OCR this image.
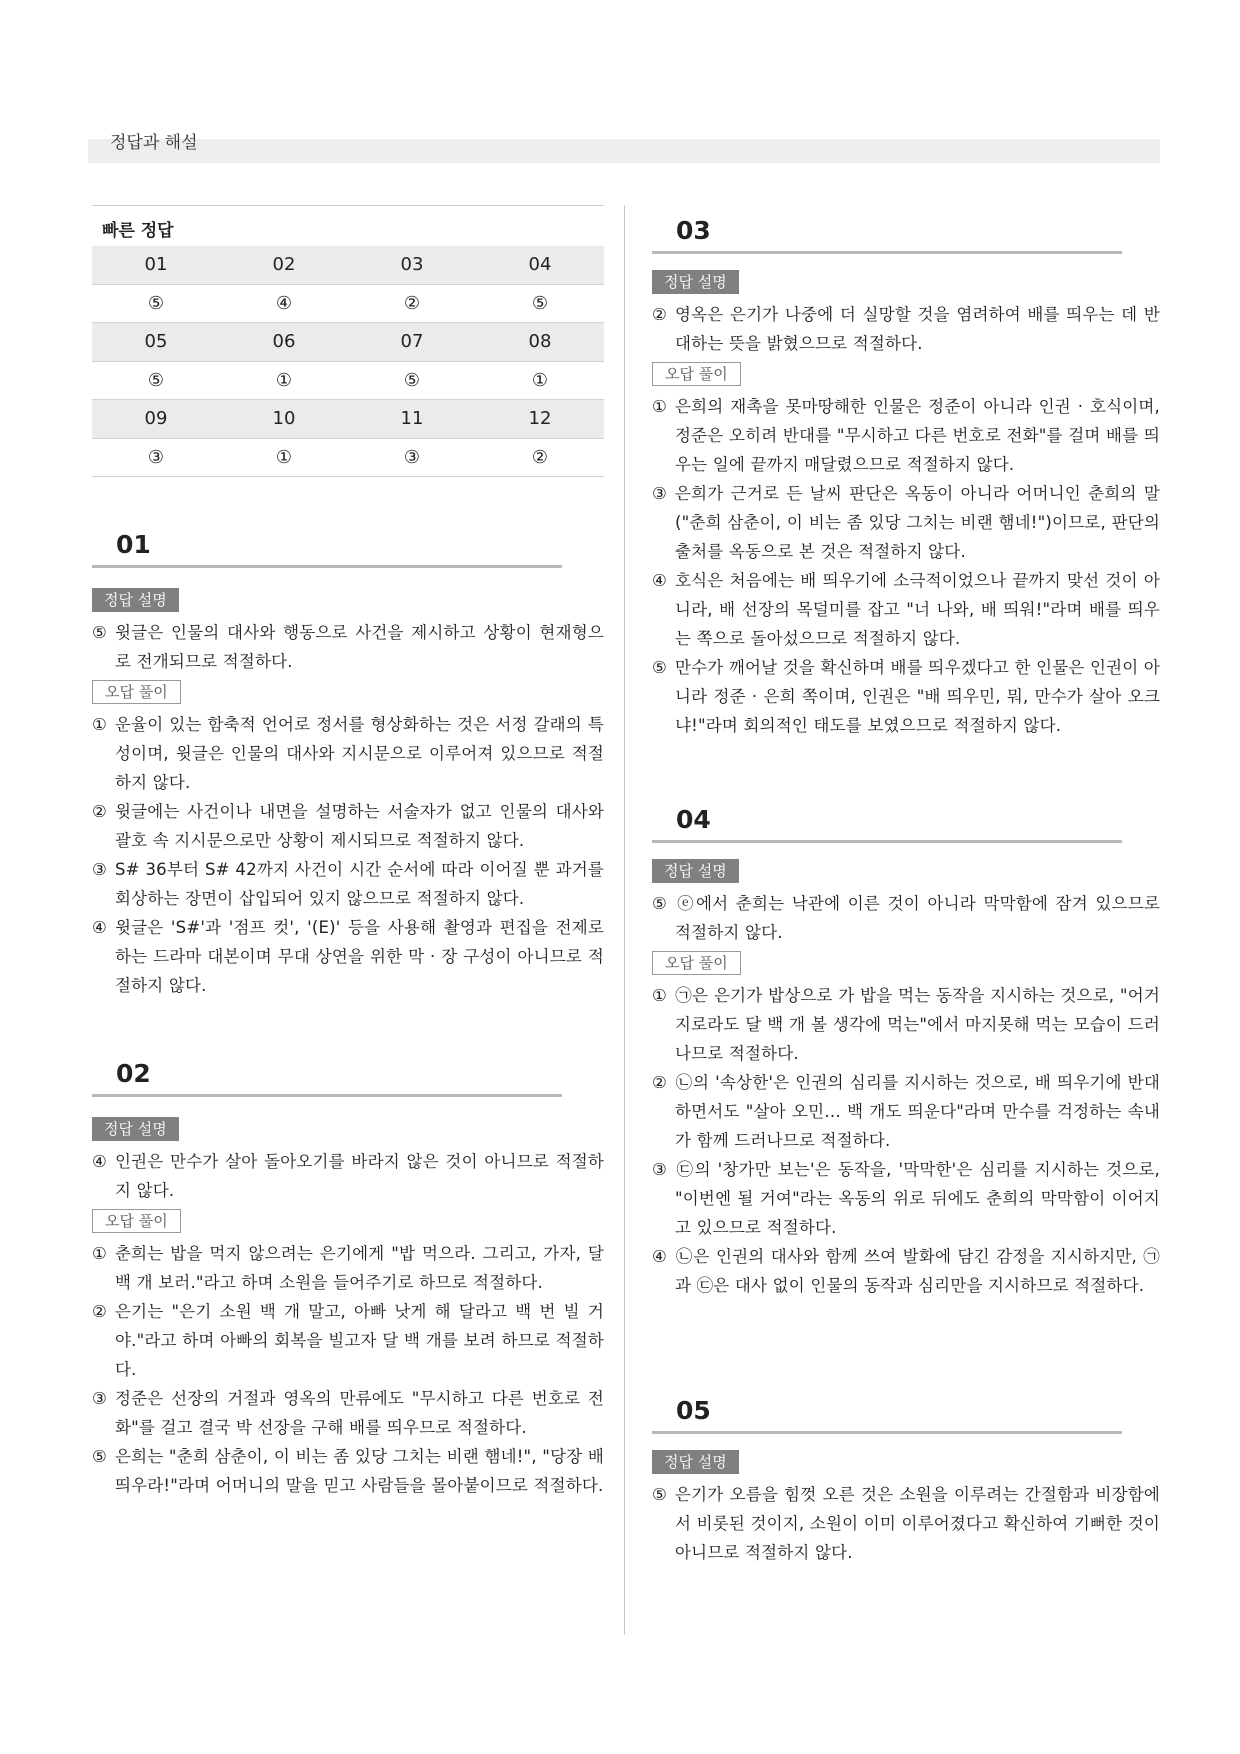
정답과 해설
빠른 정답
01	02	03	04
⑤	④	②	⑤
05	06	07	08
⑤	①	⑤	①
09	10	11	12
③	①	③	②
01
정답 설명
⑤ 윗글은 인물의 대사와 행동으로 사건을 제시하고 상황이 현재형으로 전개되므로 적절하다.
오답 풀이
① 운율이 있는 함축적 언어로 정서를 형상화하는 것은 서정 갈래의 특성이며, 윗글은 인물의 대사와 지시문으로 이루어져 있으므로 적절하지 않다.
② 윗글에는 사건이나 내면을 설명하는 서술자가 없고 인물의 대사와 괄호 속 지시문으로만 상황이 제시되므로 적절하지 않다.
③ S# 36부터 S# 42까지 사건이 시간 순서에 따라 이어질 뿐 과거를 회상하는 장면이 삽입되어 있지 않으므로 적절하지 않다.
④ 윗글은 'S#'과 '점프 컷', '(E)' 등을 사용해 촬영과 편집을 전제로 하는 드라마 대본이며 무대 상연을 위한 막 · 장 구성이 아니므로 적절하지 않다.
02
정답 설명
④ 인권은 만수가 살아 돌아오기를 바라지 않은 것이 아니므로 적절하지 않다.
오답 풀이
① 춘희는 밥을 먹지 않으려는 은기에게 "밥 먹으라. 그리고, 가자, 달 백 개 보러."라고 하며 소원을 들어주기로 하므로 적절하다.
② 은기는 "은기 소원 백 개 말고, 아빠 낫게 해 달라고 백 번 빌 거야."라고 하며 아빠의 회복을 빌고자 달 백 개를 보려 하므로 적절하다.
③ 정준은 선장의 거절과 영옥의 만류에도 "무시하고 다른 번호로 전화"를 걸고 결국 박 선장을 구해 배를 띄우므로 적절하다.
⑤ 은희는 "춘희 삼춘이, 이 비는 좀 있당 그치는 비랜 햄네!", "당장 배 띄우라!"라며 어머니의 말을 믿고 사람들을 몰아붙이므로 적절하다.
03
정답 설명
② 영옥은 은기가 나중에 더 실망할 것을 염려하여 배를 띄우는 데 반대하는 뜻을 밝혔으므로 적절하다.
오답 풀이
① 은희의 재촉을 못마땅해한 인물은 정준이 아니라 인권 · 호식이며, 정준은 오히려 반대를 "무시하고 다른 번호로 전화"를 걸며 배를 띄우는 일에 끝까지 매달렸으므로 적절하지 않다.
③ 은희가 근거로 든 날씨 판단은 옥동이 아니라 어머니인 춘희의 말("춘희 삼춘이, 이 비는 좀 있당 그치는 비랜 햄네!")이므로, 판단의 출처를 옥동으로 본 것은 적절하지 않다.
④ 호식은 처음에는 배 띄우기에 소극적이었으나 끝까지 맞선 것이 아니라, 배 선장의 목덜미를 잡고 "너 나와, 배 띄워!"라며 배를 띄우는 쪽으로 돌아섰으므로 적절하지 않다.
⑤ 만수가 깨어날 것을 확신하며 배를 띄우겠다고 한 인물은 인권이 아니라 정준 · 은희 쪽이며, 인권은 "배 띄우민, 뭐, 만수가 살아 오크냐!"라며 회의적인 태도를 보였으므로 적절하지 않다.
04
정답 설명
⑤ ⓔ에서 춘희는 낙관에 이른 것이 아니라 막막함에 잠겨 있으므로 적절하지 않다.
오답 풀이
① ㉠은 은기가 밥상으로 가 밥을 먹는 동작을 지시하는 것으로, "어거지로라도 달 백 개 볼 생각에 먹는"에서 마지못해 먹는 모습이 드러나므로 적절하다.
② ㉡의 '속상한'은 인권의 심리를 지시하는 것으로, 배 띄우기에 반대하면서도 "살아 오민… 백 개도 띄운다"라며 만수를 걱정하는 속내가 함께 드러나므로 적절하다.
③ ㉢의 '창가만 보는'은 동작을, '막막한'은 심리를 지시하는 것으로, "이번엔 될 거여"라는 옥동의 위로 뒤에도 춘희의 막막함이 이어지고 있으므로 적절하다.
④ ㉡은 인권의 대사와 함께 쓰여 발화에 담긴 감정을 지시하지만, ㉠과 ㉢은 대사 없이 인물의 동작과 심리만을 지시하므로 적절하다.
05
정답 설명
⑤ 은기가 오름을 힘껏 오른 것은 소원을 이루려는 간절함과 비장함에서 비롯된 것이지, 소원이 이미 이루어졌다고 확신하여 기뻐한 것이 아니므로 적절하지 않다.
